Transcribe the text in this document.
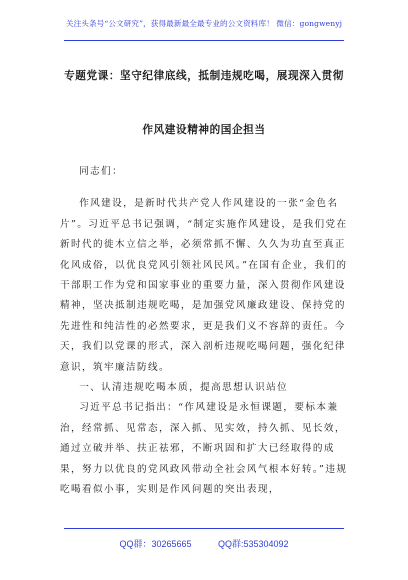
关注头条号“公文研究”，获得最新最全最专业的公文资料库！ 微信：gongwenyj
专题党课：坚守纪律底线，抵制违规吃喝，展现深入贯彻
作风建设精神的国企担当

同志们：

作风建设，是新时代共产党人作风建设的一张“金色名片”。习近平总书记强调，“制定实施作风建设，是我们党在新时代的徙木立信之举，必须常抓不懈、久久为功直至真正化风成俗，以优良党风引领社风民风。”在国有企业，我们的干部职工作为党和国家事业的重要力量，深入贯彻作风建设精神，坚决抵制违规吃喝，是加强党风廉政建设、保持党的先进性和纯洁性的必然要求，更是我们义不容辞的责任。今天，我们以党课的形式，深入剖析违规吃喝问题，强化纪律意识，筑牢廉洁防线。

一、认清违规吃喝本质，提高思想认识站位

习近平总书记指出：“作风建设是永恒课题，要标本兼治，经常抓、见常态，深入抓、见实效，持久抓、见长效，通过立破并举、扶正祛邪，不断巩固和扩大已经取得的成果，努力以优良的党风政风带动全社会风气根本好转。”违规吃喝看似小事，实则是作风问题的突出表现，

QQ群：30265665	QQ群:535304092
